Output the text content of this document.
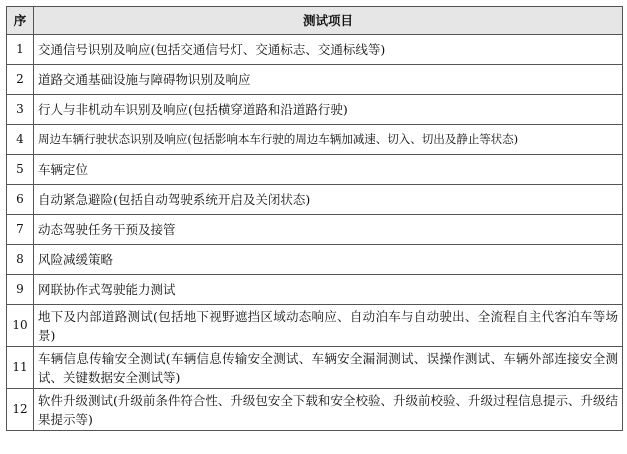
序	测试项目
1	交通信号识别及响应(包括交通信号灯、交通标志、交通标线等)
2	道路交通基础设施与障碍物识别及响应
3	行人与非机动车识别及响应(包括横穿道路和沿道路行驶)
4	周边车辆行驶状态识别及响应(包括影响本车行驶的周边车辆加减速、切入、切出及静止等状态)
5	车辆定位
6	自动紧急避险(包括自动驾驶系统开启及关闭状态)
7	动态驾驶任务干预及接管
8	风险减缓策略
9	网联协作式驾驶能力测试
10	地下及内部道路测试(包括地下视野遮挡区域动态响应、自动泊车与自动驶出、全流程自主代客泊车等场景)
11	车辆信息传输安全测试(车辆信息传输安全测试、车辆安全漏洞测试、误操作测试、车辆外部连接安全测试、关键数据安全测试等)
12	软件升级测试(升级前条件符合性、升级包安全下载和安全校验、升级前校验、升级过程信息提示、升级结果提示等)
